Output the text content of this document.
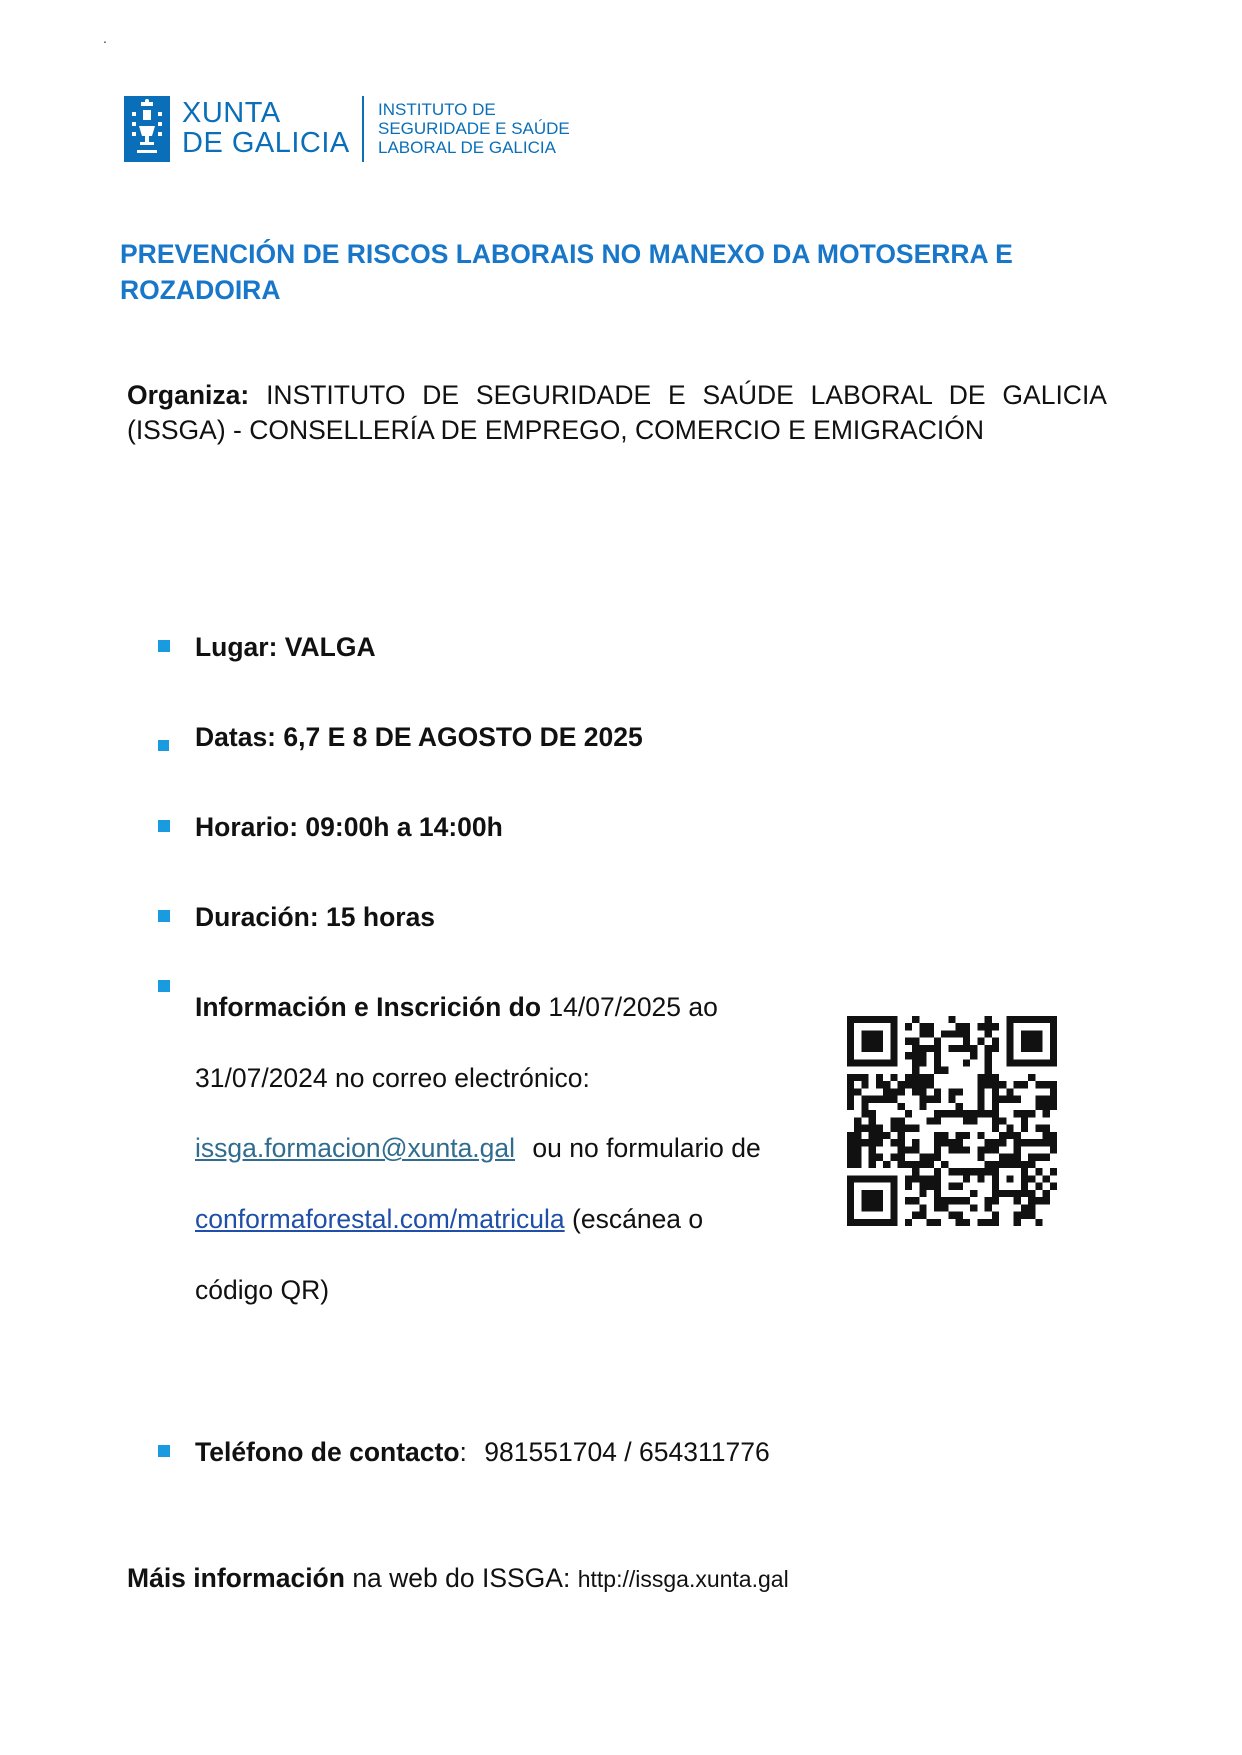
.
XUNTA
DE GALICIA
INSTITUTO DE
SEGURIDADE E SAÚDE
LABORAL DE GALICIA
PREVENCIÓN DE RISCOS LABORAIS NO MANEXO DA MOTOSERRA E ROZADOIRA
Organiza: INSTITUTO DE SEGURIDADE E SAÚDE LABORAL DE GALICIA (ISSGA) - CONSELLERÍA DE EMPREGO, COMERCIO E EMIGRACIÓN
Lugar: VALGA
Datas: 6,7 E 8 DE AGOSTO DE 2025
Horario: 09:00h a 14:00h
Duración: 15 horas
Información e Inscrición do 14/07/2025 ao
31/07/2024 no correo electrónico:
issga.formacion@xunta.gal ou no formulario de
conformaforestal.com/matricula (escánea o
código QR)
Teléfono de contacto: 981551704 / 654311776
Máis información na web do ISSGA: http://issga.xunta.gal
